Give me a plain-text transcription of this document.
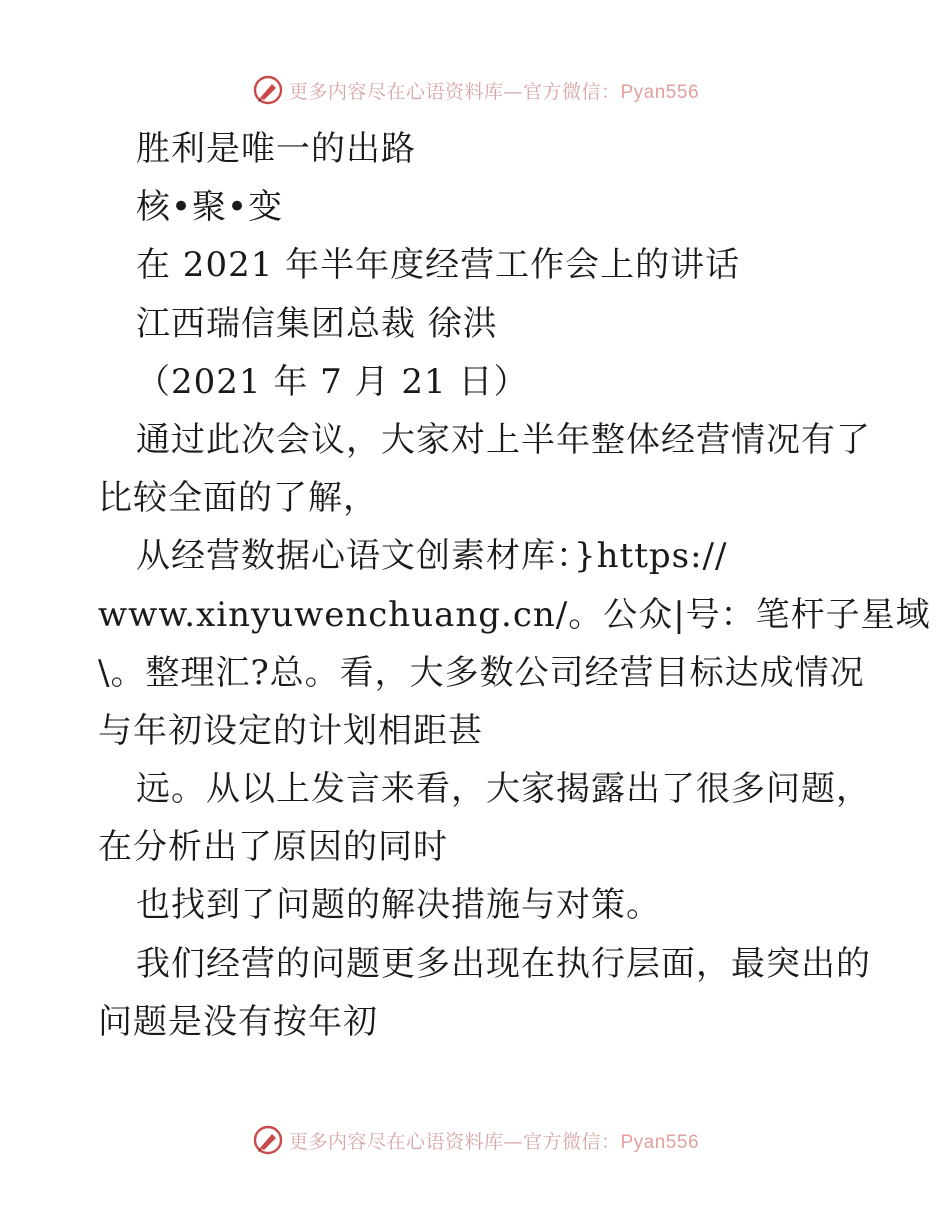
更多内容尽在心语资料库—官方微信：Pyan556
胜利是唯一的出路
核•聚•变
在 2021 年半年度经营工作会上的讲话
江西瑞信集团总裁 徐洪
（2021 年 7 月 21 日）
通过此次会议，大家对上半年整体经营情况有了
比较全面的了解，
从经营数据心语文创素材库：}https://
www.xinyuwenchuang.cn/。公众|号：笔杆子星域
\。整理汇?总。看，大多数公司经营目标达成情况
与年初设定的计划相距甚
远。从以上发言来看，大家揭露出了很多问题，
在分析出了原因的同时
也找到了问题的解决措施与对策。
我们经营的问题更多出现在执行层面，最突出的
问题是没有按年初
更多内容尽在心语资料库—官方微信：Pyan556
